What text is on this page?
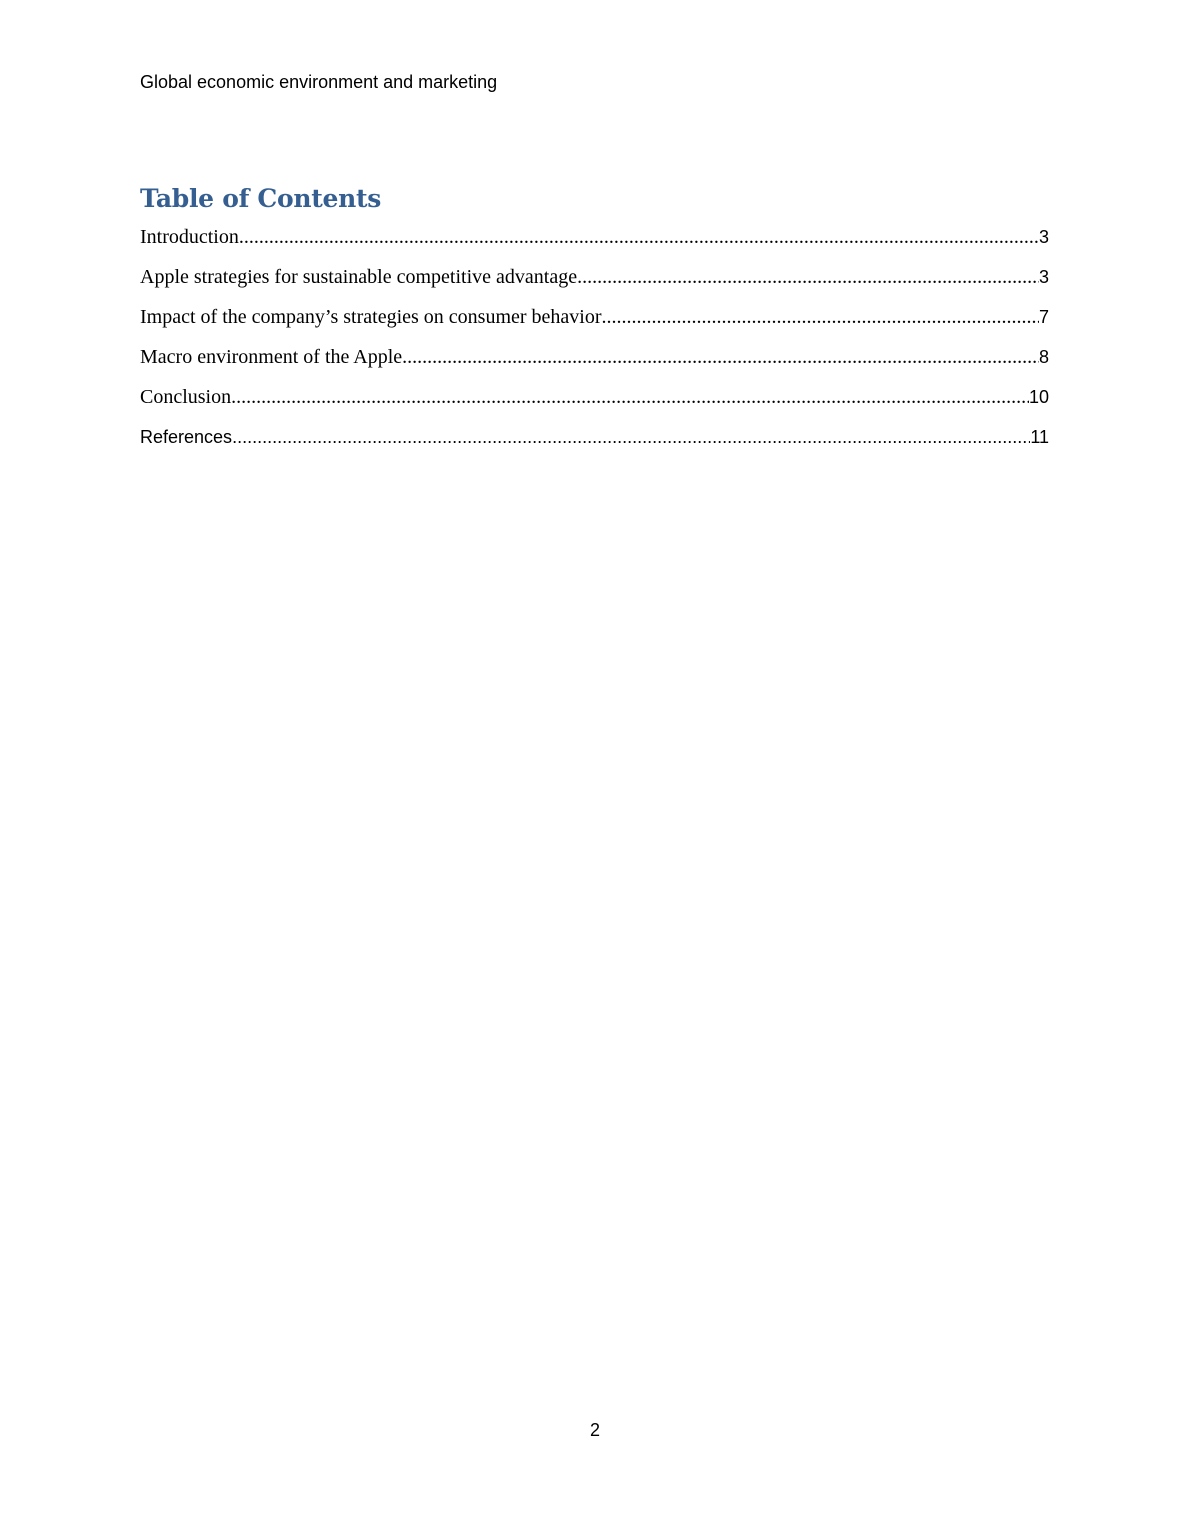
Global economic environment and marketing
Table of Contents
Introduction .....	3
Apple strategies for sustainable competitive advantage .....	3
Impact of the company’s strategies on consumer behavior .....	7
Macro environment of the Apple .....	8
Conclusion .....	10
References .....	11
2
